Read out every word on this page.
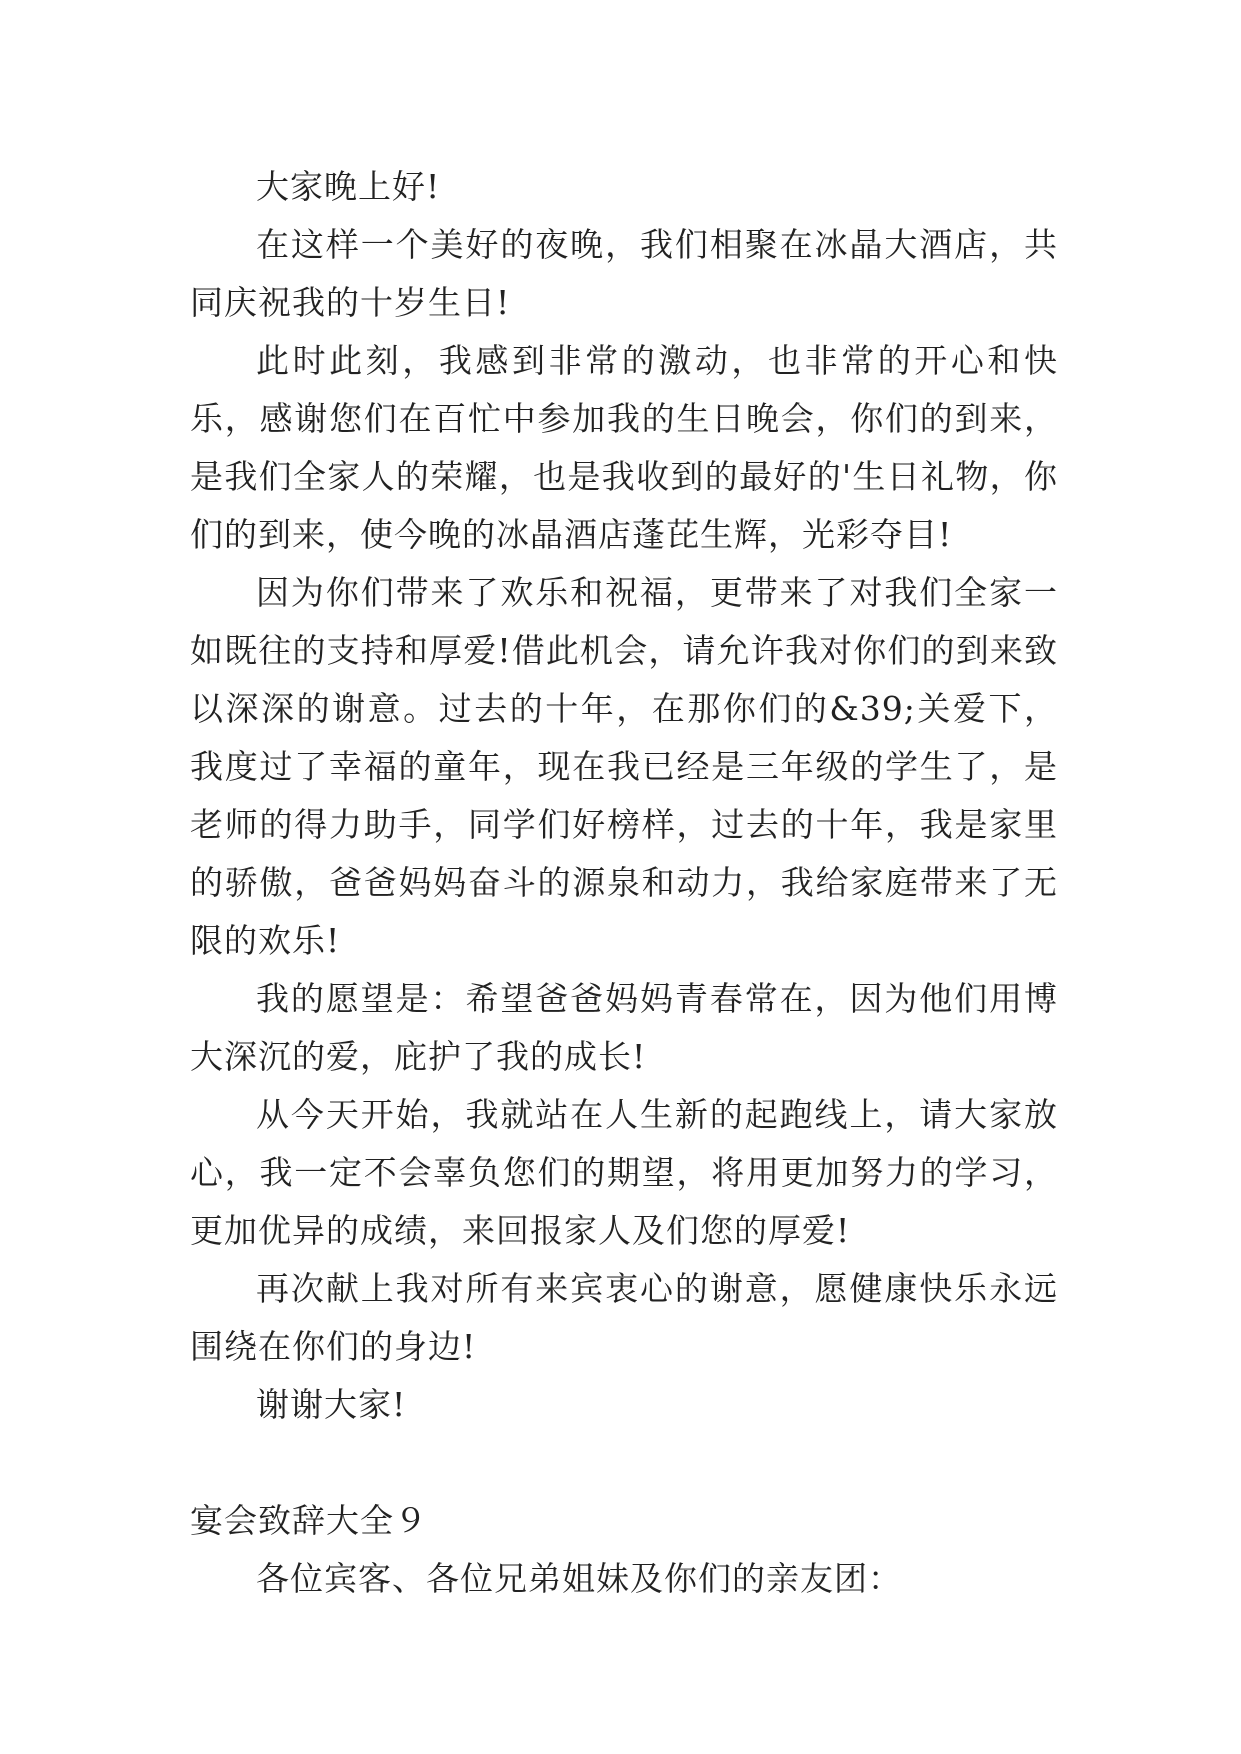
大家晚上好!

在这样一个美好的夜晚，我们相聚在冰晶大酒店，共同庆祝我的十岁生日!

此时此刻，我感到非常的激动，也非常的开心和快乐，感谢您们在百忙中参加我的生日晚会，你们的到来，是我们全家人的荣耀，也是我收到的最好的'生日礼物，你们的到来，使今晚的冰晶酒店蓬芘生辉，光彩夺目!

因为你们带来了欢乐和祝福，更带来了对我们全家一如既往的支持和厚爱!借此机会，请允许我对你们的到来致以深深的谢意。过去的十年，在那你们的&39;关爱下，我度过了幸福的童年，现在我已经是三年级的学生了，是老师的得力助手，同学们好榜样，过去的十年，我是家里的骄傲，爸爸妈妈奋斗的源泉和动力，我给家庭带来了无限的欢乐!

我的愿望是：希望爸爸妈妈青春常在，因为他们用博大深沉的爱，庇护了我的成长!

从今天开始，我就站在人生新的起跑线上，请大家放心，我一定不会辜负您们的期望，将用更加努力的学习，更加优异的成绩，来回报家人及们您的厚爱!

再次献上我对所有来宾衷心的谢意，愿健康快乐永远围绕在你们的身边!

谢谢大家!

宴会致辞大全９

各位宾客、各位兄弟姐妹及你们的亲友团：
